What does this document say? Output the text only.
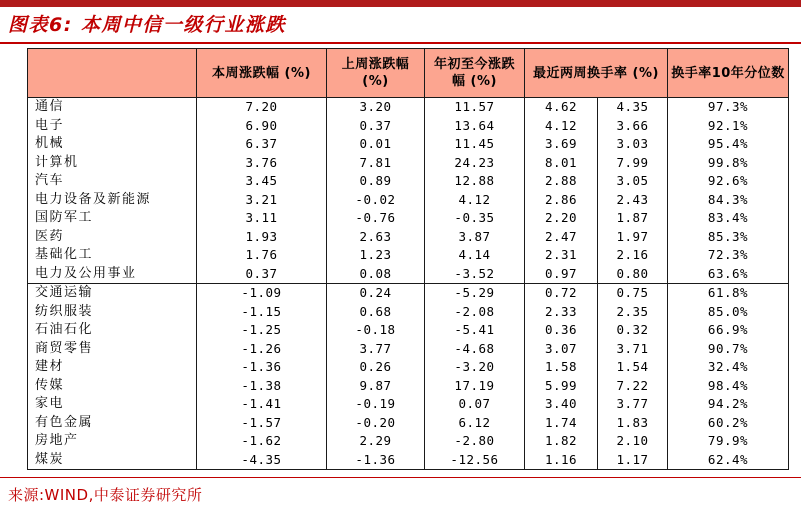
图表6: 本周中信一级行业涨跌
	本周涨跌幅 (%)	上周涨跌幅 (%)	年初至今涨跌幅 (%)	最近两周换手率 (%)		换手率10年分位数
通信	7.20	3.20	11.57	4.62	4.35	97.3%
电子	6.90	0.37	13.64	4.12	3.66	92.1%
机械	6.37	0.01	11.45	3.69	3.03	95.4%
计算机	3.76	7.81	24.23	8.01	7.99	99.8%
汽车	3.45	0.89	12.88	2.88	3.05	92.6%
电力设备及新能源	3.21	-0.02	4.12	2.86	2.43	84.3%
国防军工	3.11	-0.76	-0.35	2.20	1.87	83.4%
医药	1.93	2.63	3.87	2.47	1.97	85.3%
基础化工	1.76	1.23	4.14	2.31	2.16	72.3%
电力及公用事业	0.37	0.08	-3.52	0.97	0.80	63.6%
交通运输	-1.09	0.24	-5.29	0.72	0.75	61.8%
纺织服装	-1.15	0.68	-2.08	2.33	2.35	85.0%
石油石化	-1.25	-0.18	-5.41	0.36	0.32	66.9%
商贸零售	-1.26	3.77	-4.68	3.07	3.71	90.7%
建材	-1.36	0.26	-3.20	1.58	1.54	32.4%
传媒	-1.38	9.87	17.19	5.99	7.22	98.4%
家电	-1.41	-0.19	0.07	3.40	3.77	94.2%
有色金属	-1.57	-0.20	6.12	1.74	1.83	60.2%
房地产	-1.62	2.29	-2.80	1.82	2.10	79.9%
煤炭	-4.35	-1.36	-12.56	1.16	1.17	62.4%
来源:WIND,中泰证券研究所
